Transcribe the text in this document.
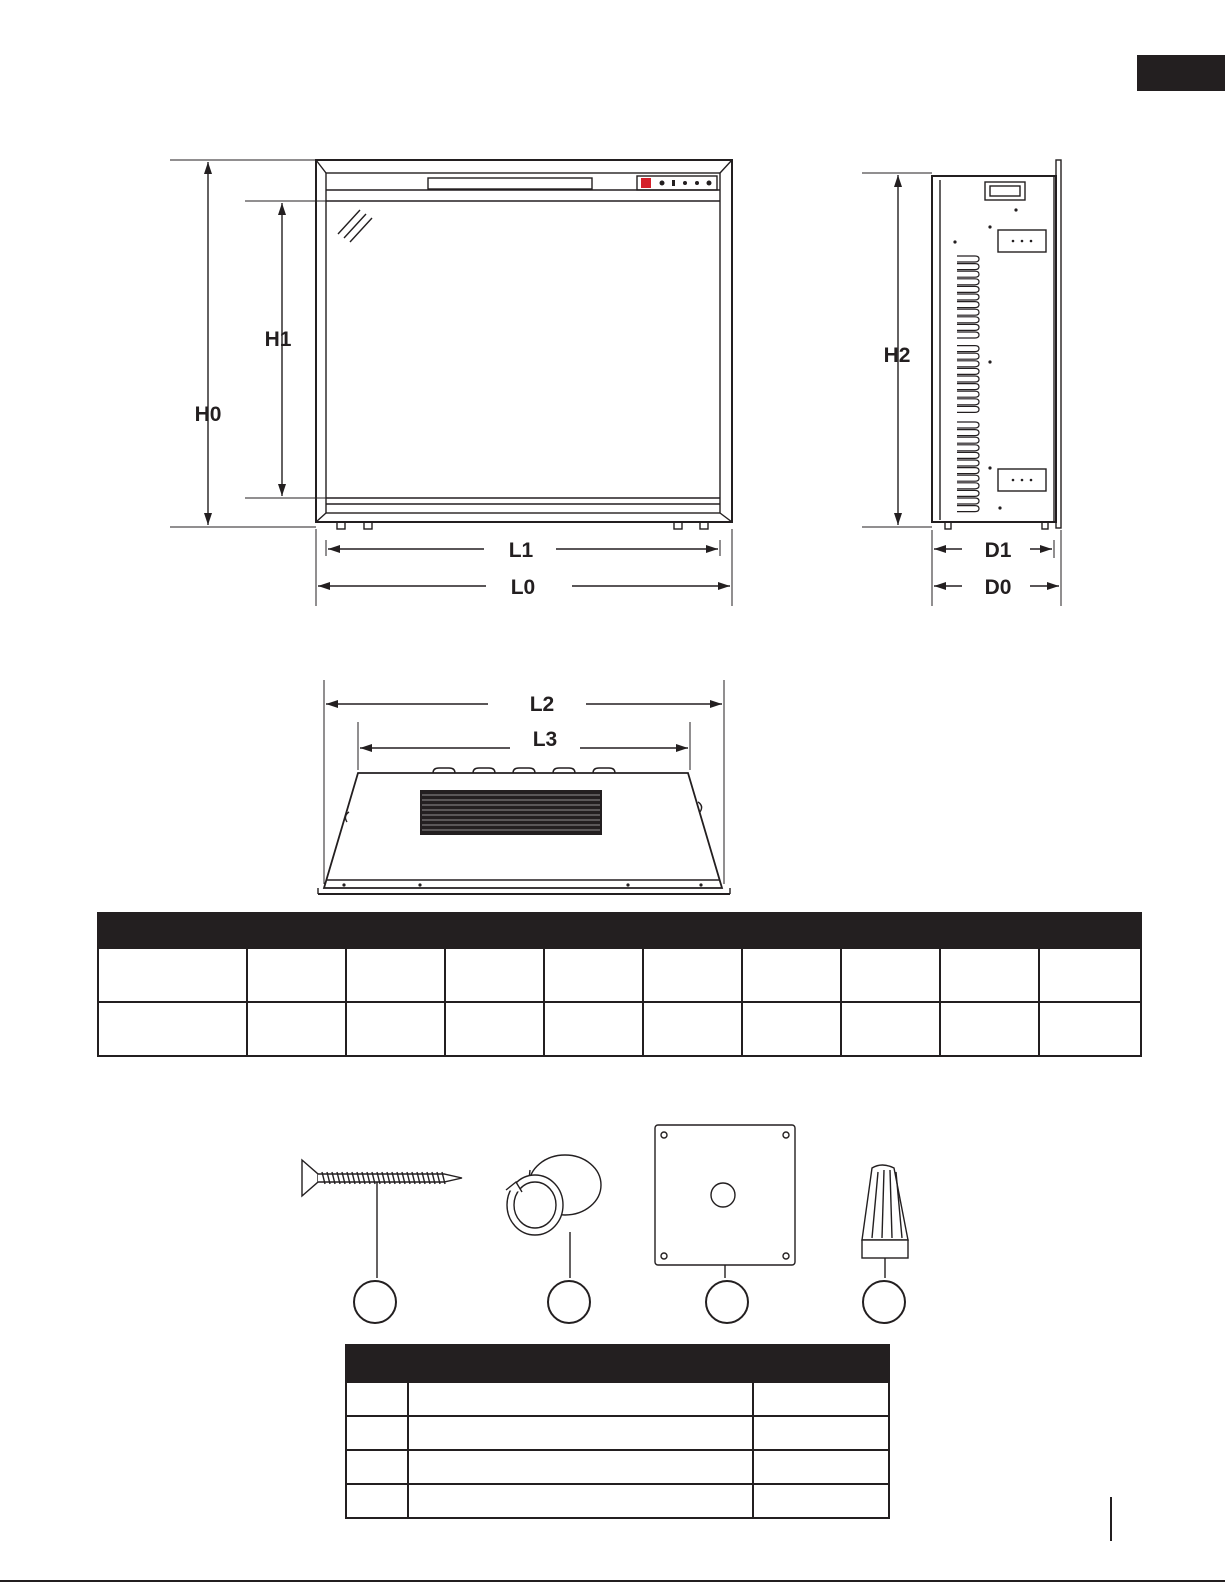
H0
H1
L1
L0
H2
D1
D0
L2
L3
